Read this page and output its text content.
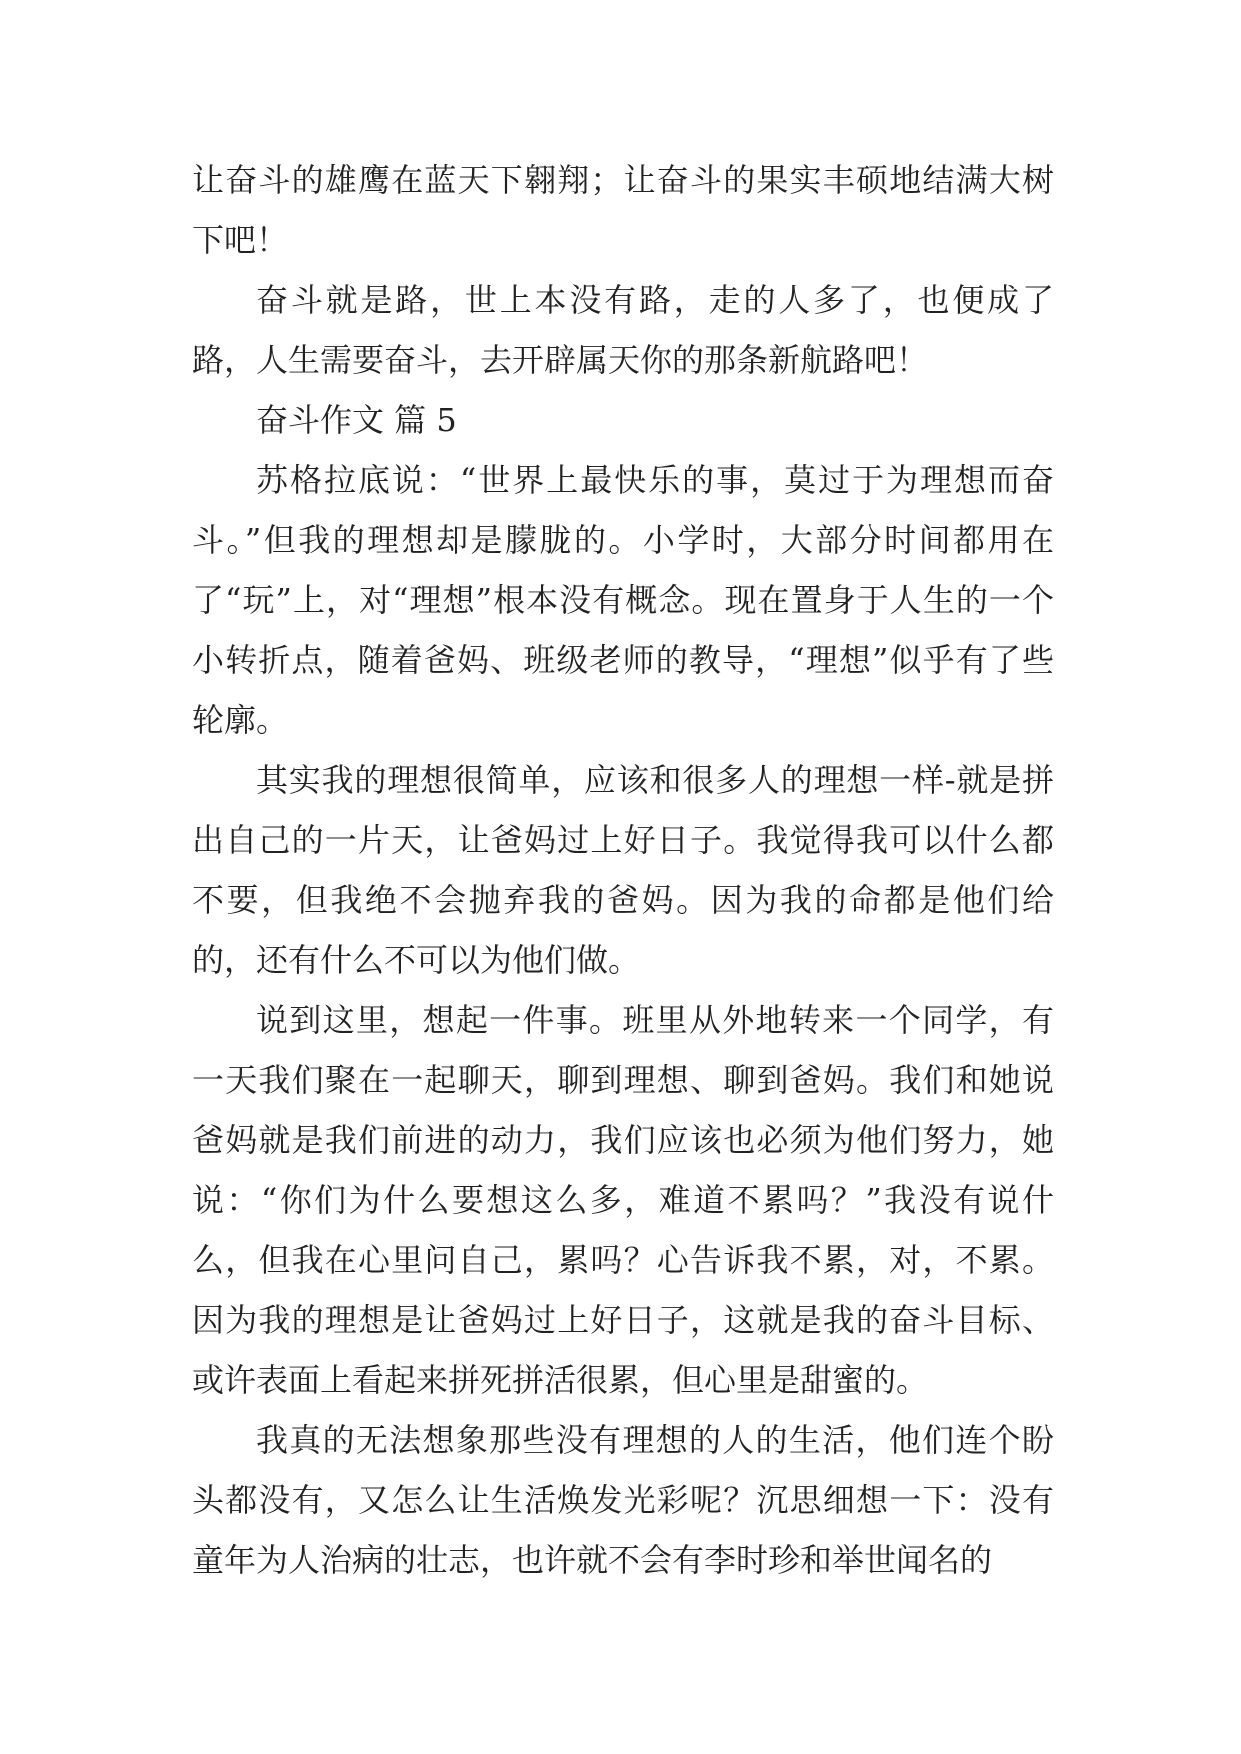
让奋斗的雄鹰在蓝天下翱翔；让奋斗的果实丰硕地结满大树下吧！

奋斗就是路，世上本没有路，走的人多了，也便成了路，人生需要奋斗，去开辟属天你的那条新航路吧！

奋斗作文 篇 5

苏格拉底说：“世界上最快乐的事，莫过于为理想而奋斗。”但我的理想却是朦胧的。小学时，大部分时间都用在了“玩”上，对“理想”根本没有概念。现在置身于人生的一个小转折点，随着爸妈、班级老师的教导，“理想”似乎有了些轮廓。

其实我的理想很简单，应该和很多人的理想一样-就是拼出自己的一片天，让爸妈过上好日子。我觉得我可以什么都不要，但我绝不会抛弃我的爸妈。因为我的命都是他们给的，还有什么不可以为他们做。

说到这里，想起一件事。班里从外地转来一个同学，有一天我们聚在一起聊天，聊到理想、聊到爸妈。我们和她说爸妈就是我们前进的动力，我们应该也必须为他们努力，她说：“你们为什么要想这么多，难道不累吗？”我没有说什么，但我在心里问自己，累吗？心告诉我不累，对，不累。因为我的理想是让爸妈过上好日子，这就是我的奋斗目标、或许表面上看起来拼死拼活很累，但心里是甜蜜的。

我真的无法想象那些没有理想的人的生活，他们连个盼头都没有，又怎么让生活焕发光彩呢？沉思细想一下：没有童年为人治病的壮志，也许就不会有李时珍和举世闻名的
